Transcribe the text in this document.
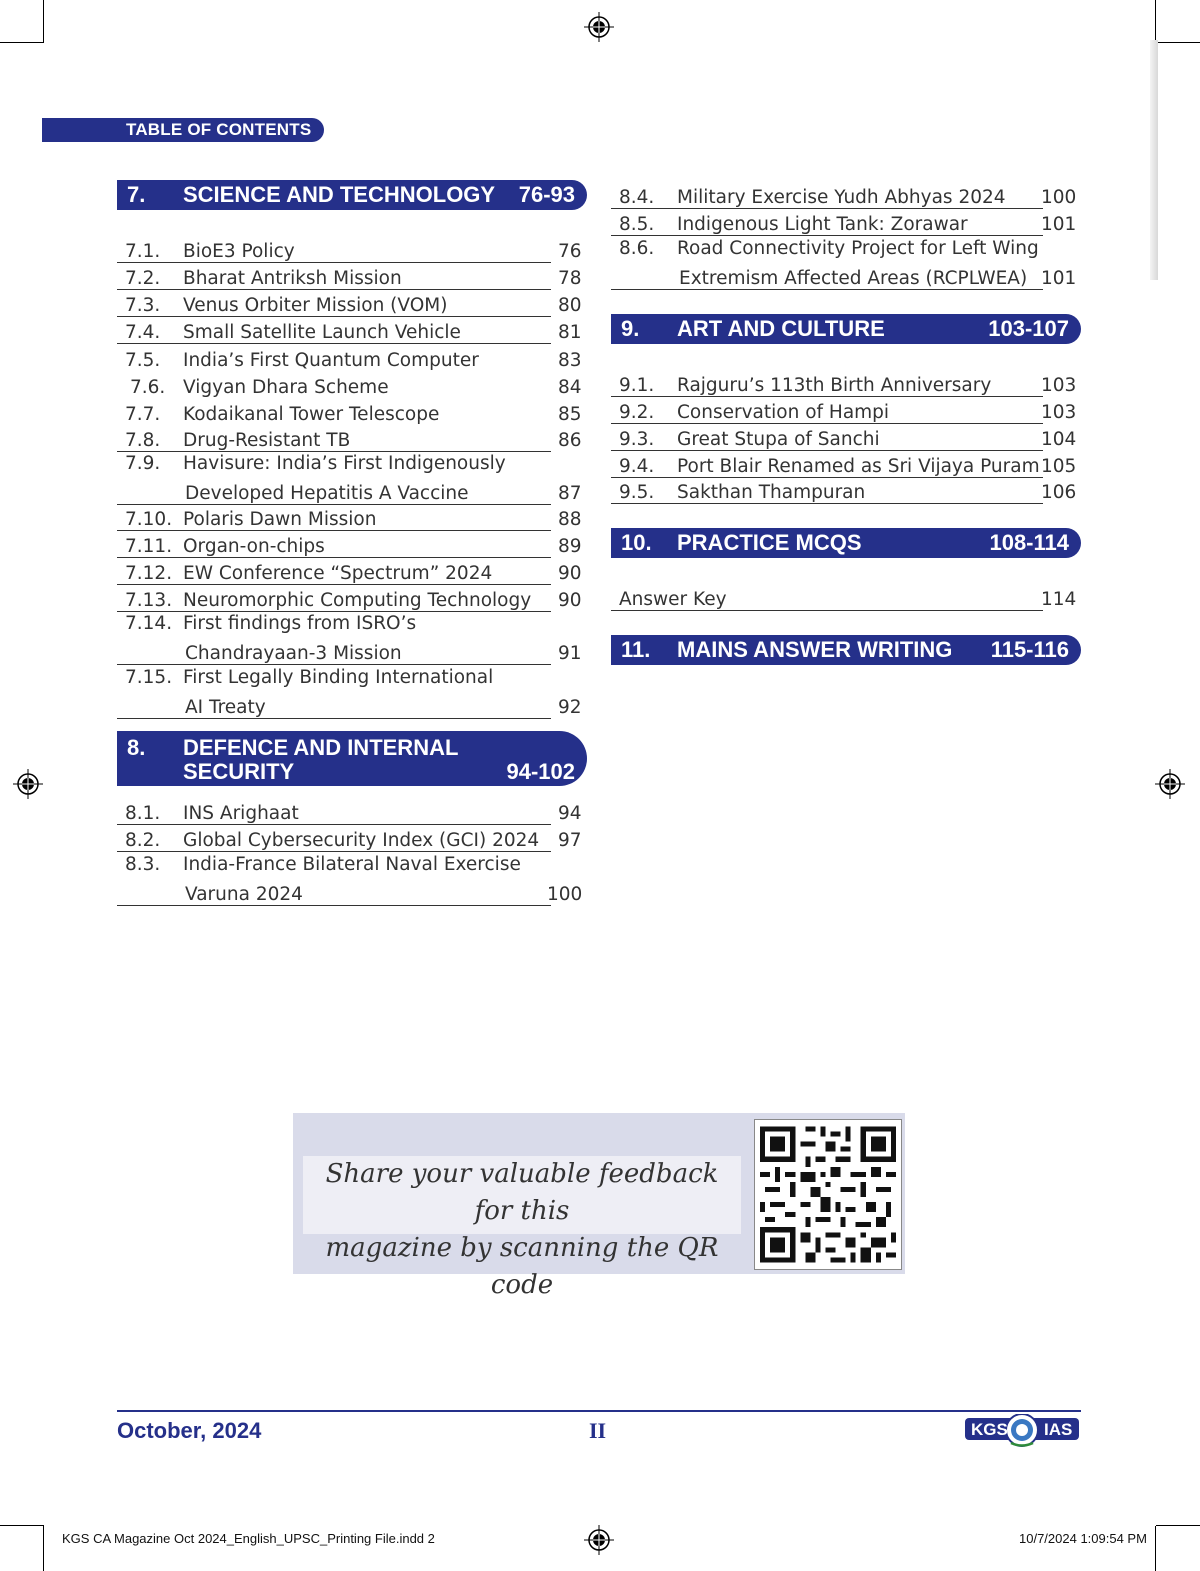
TABLE OF CONTENTS
7. SCIENCE AND TECHNOLOGY 76-93
7.1. BioE3 Policy	76
7.2. Bharat Antriksh Mission	78
7.3. Venus Orbiter Mission (VOM)	80
7.4. Small Satellite Launch Vehicle	81
7.5. India’s First Quantum Computer	83
7.6. Vigyan Dhara Scheme	84
7.7. Kodaikanal Tower Telescope	85
7.8. Drug-Resistant TB	86
7.9. Havisure: India’s First Indigenously
Developed Hepatitis A Vaccine	87
7.10. Polaris Dawn Mission	88
7.11. Organ-on-chips	89
7.12. EW Conference “Spectrum” 2024	90
7.13. Neuromorphic Computing Technology 90
7.14. First findings from ISRO’s
Chandrayaan-3 Mission	91
7.15. First Legally Binding International
AI Treaty	92
8. DEFENCE AND INTERNAL
SECURITY	94-102
8.1. INS Arighaat	94
8.2. Global Cybersecurity Index (GCI) 2024 97
8.3. India-France Bilateral Naval Exercise
Varuna 2024	100
8.4. Military Exercise Yudh Abhyas 2024 100
8.5. Indigenous Light Tank: Zorawar	101
8.6. Road Connectivity Project for Left Wing
Extremism Affected Areas (RCPLWEA) 101
9. ART AND CULTURE	103-107
9.1. Rajguru’s 113th Birth Anniversary	103
9.2. Conservation of Hampi	103
9.3. Great Stupa of Sanchi	104
9.4. Port Blair Renamed as Sri Vijaya Puram 105
9.5. Sakthan Thampuran	106
10. PRACTICE MCQS	108-114
Answer Key	114
11. MAINS ANSWER WRITING 115-116
Share your valuable feedback for this
magazine by scanning the QR code
October, 2024	II	KGS IAS
KGS CA Magazine Oct 2024_English_UPSC_Printing File.indd 2	10/7/2024 1:09:54 PM
